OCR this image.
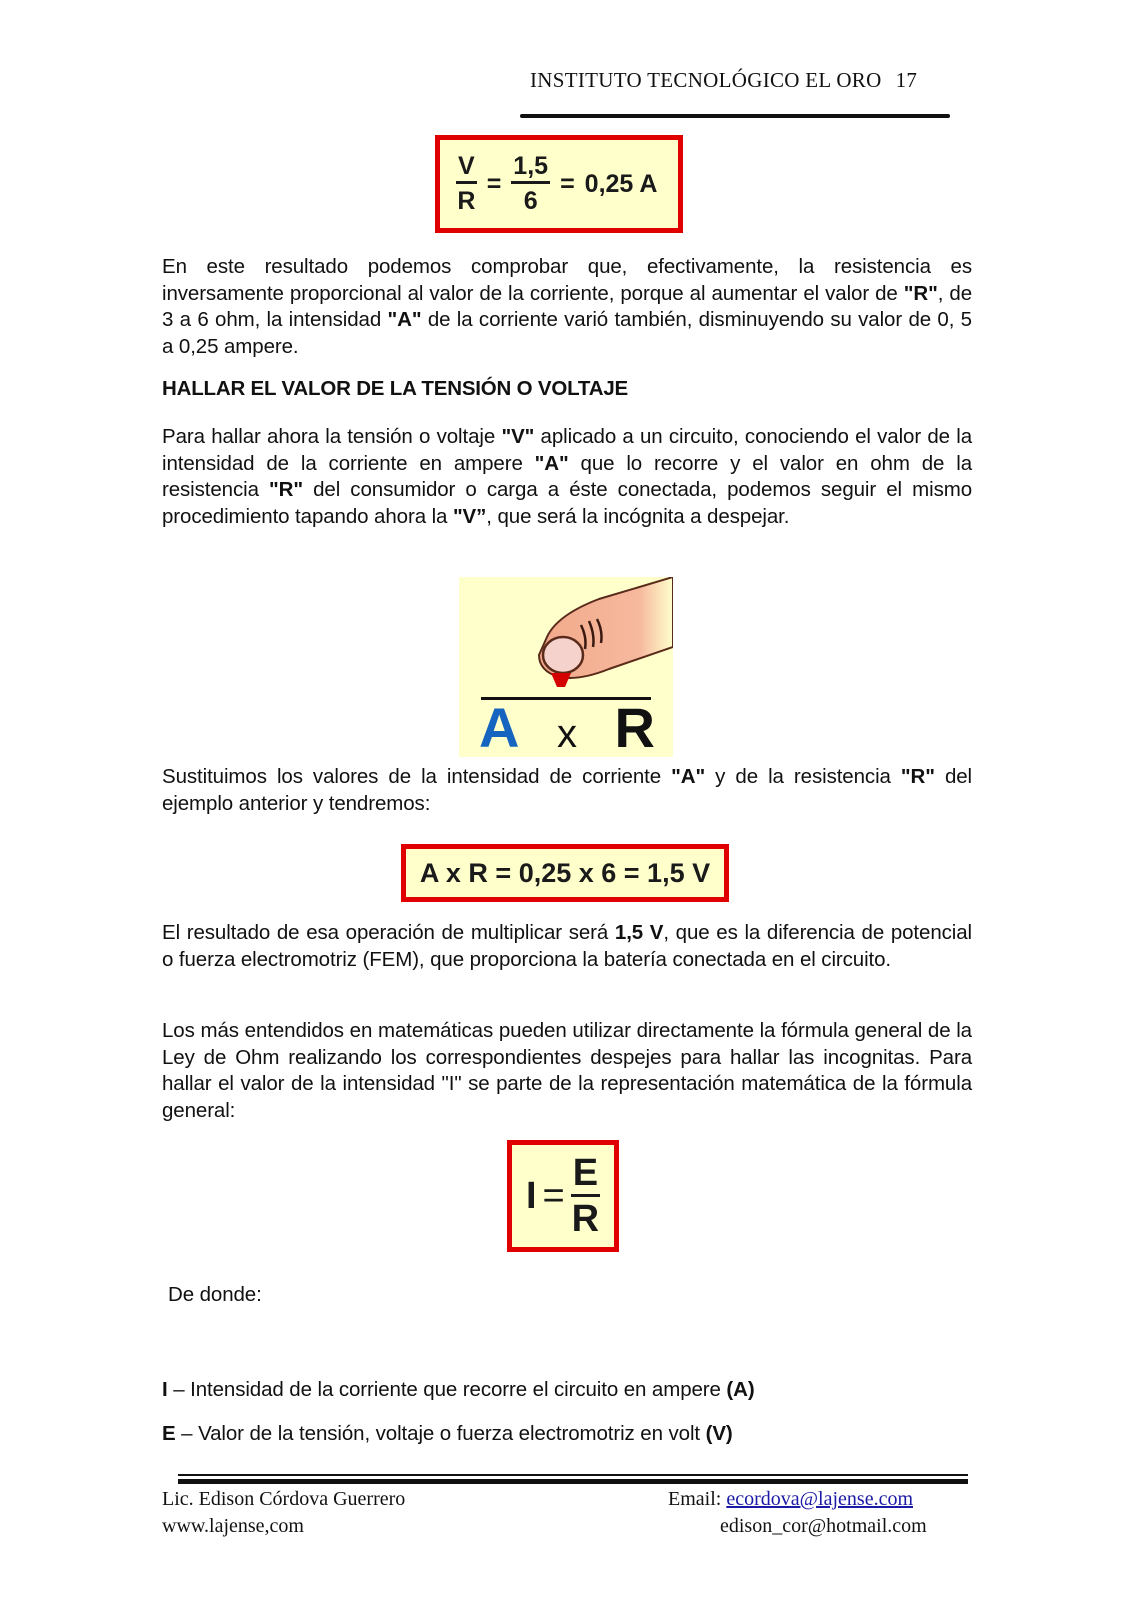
INSTITUTO TECNOLÓGICO EL ORO 17
$\frac{V}{R} = \frac{1,5}{6} = 0,25$ A
En este resultado podemos comprobar que, efectivamente, la resistencia es inversamente proporcional al valor de la corriente, porque al aumentar el valor de "R", de 3 a 6 ohm, la intensidad "A" de la corriente varió también, disminuyendo su valor de 0, 5 a 0,25 ampere.
HALLAR EL VALOR DE LA TENSIÓN O VOLTAJE
Para hallar ahora la tensión o voltaje "V" aplicado a un circuito, conociendo el valor de la intensidad de la corriente en ampere "A" que lo recorre y el valor en ohm de la resistencia "R" del consumidor o carga a éste conectada, podemos seguir el mismo procedimiento tapando ahora la "V”, que será la incógnita a despejar.
A x R
Sustituimos los valores de la intensidad de corriente "A" y de la resistencia "R" del ejemplo anterior y tendremos:
A x R = 0,25 x 6 = 1,5 V
El resultado de esa operación de multiplicar será 1,5 V, que es la diferencia de potencial o fuerza electromotriz (FEM), que proporciona la batería conectada en el circuito.
Los más entendidos en matemáticas pueden utilizar directamente la fórmula general de la Ley de Ohm realizando los correspondientes despejes para hallar las incognitas. Para hallar el valor de la intensidad "I" se parte de la representación matemática de la fórmula general:
$I = \frac{E}{R}$
De donde:
I – Intensidad de la corriente que recorre el circuito en ampere (A)
E – Valor de la tensión, voltaje o fuerza electromotriz en volt (V)
Lic. Edison Córdova Guerrero
www.lajense,com
Email: ecordova@lajense.com
edison_cor@hotmail.com
